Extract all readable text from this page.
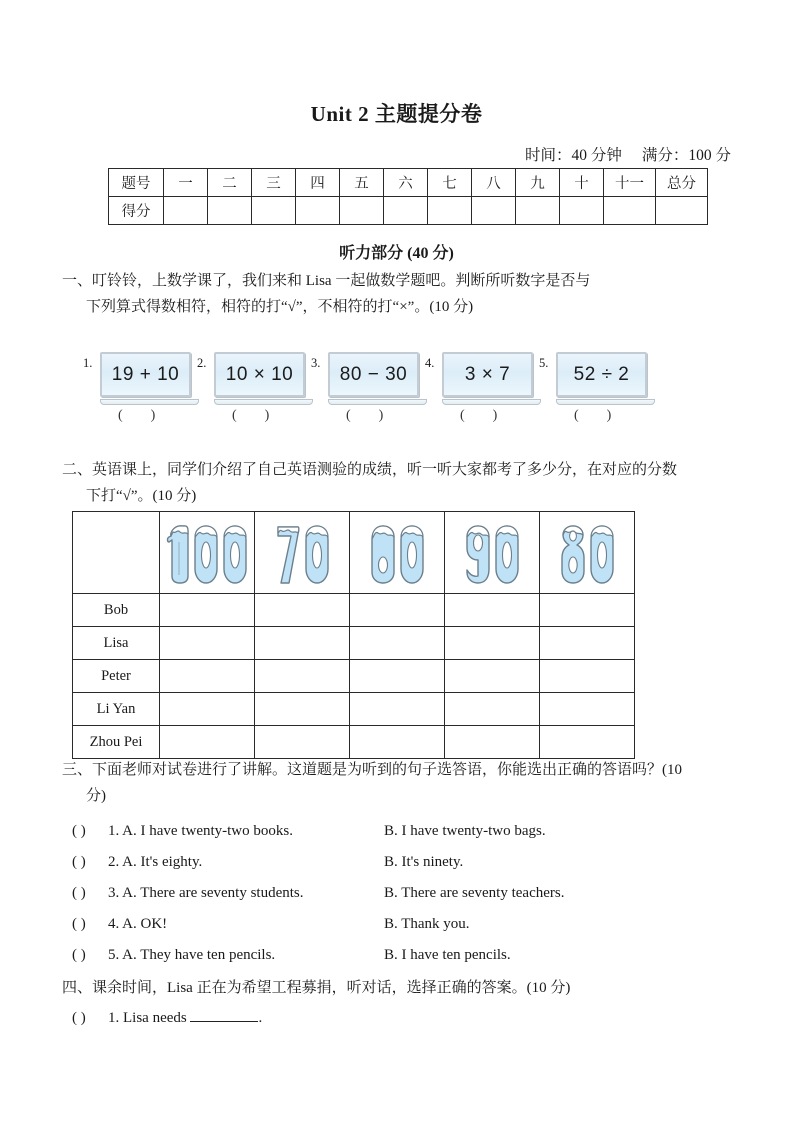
Unit 2 主题提分卷
时间：40 分钟 满分：100 分
题号	一	二	三	四	五	六	七	八	九	十	十一	总分
得分												
听力部分 (40 分)
一、叮铃铃，上数学课了，我们来和 Lisa 一起做数学题吧。判断所听数字是否与
下列算式得数相符，相符的打“√”，不相符的打“×”。(10 分)
1.
19 + 10
2.
10 × 10
3.
80 − 30
4.
3 × 7
5.
52 ÷ 2
(        )	(        )	(        )	(        )	(        )
二、英语课上，同学们介绍了自己英语测验的成绩，听一听大家都考了多少分，在对应的分数
下打“√”。(10 分)

Bob					
Lisa					
Peter					
Li Yan					
Zhou Pei					
三、下面老师对试卷进行了讲解。这道题是为听到的句子选答语，你能选出正确的答语吗？(10
分)
( ) 1. A. I have twenty-two books.	B. I have twenty-two bags.
( ) 2. A. It's eighty.	B. It's ninety.
( ) 3. A. There are seventy students.	B. There are seventy teachers.
( ) 4. A. OK!	B. Thank you.
( ) 5. A. They have ten pencils.	B. I have ten pencils.
四、课余时间，Lisa 正在为希望工程募捐，听对话，选择正确的答案。(10 分)
( ) 1. Lisa needs	.
